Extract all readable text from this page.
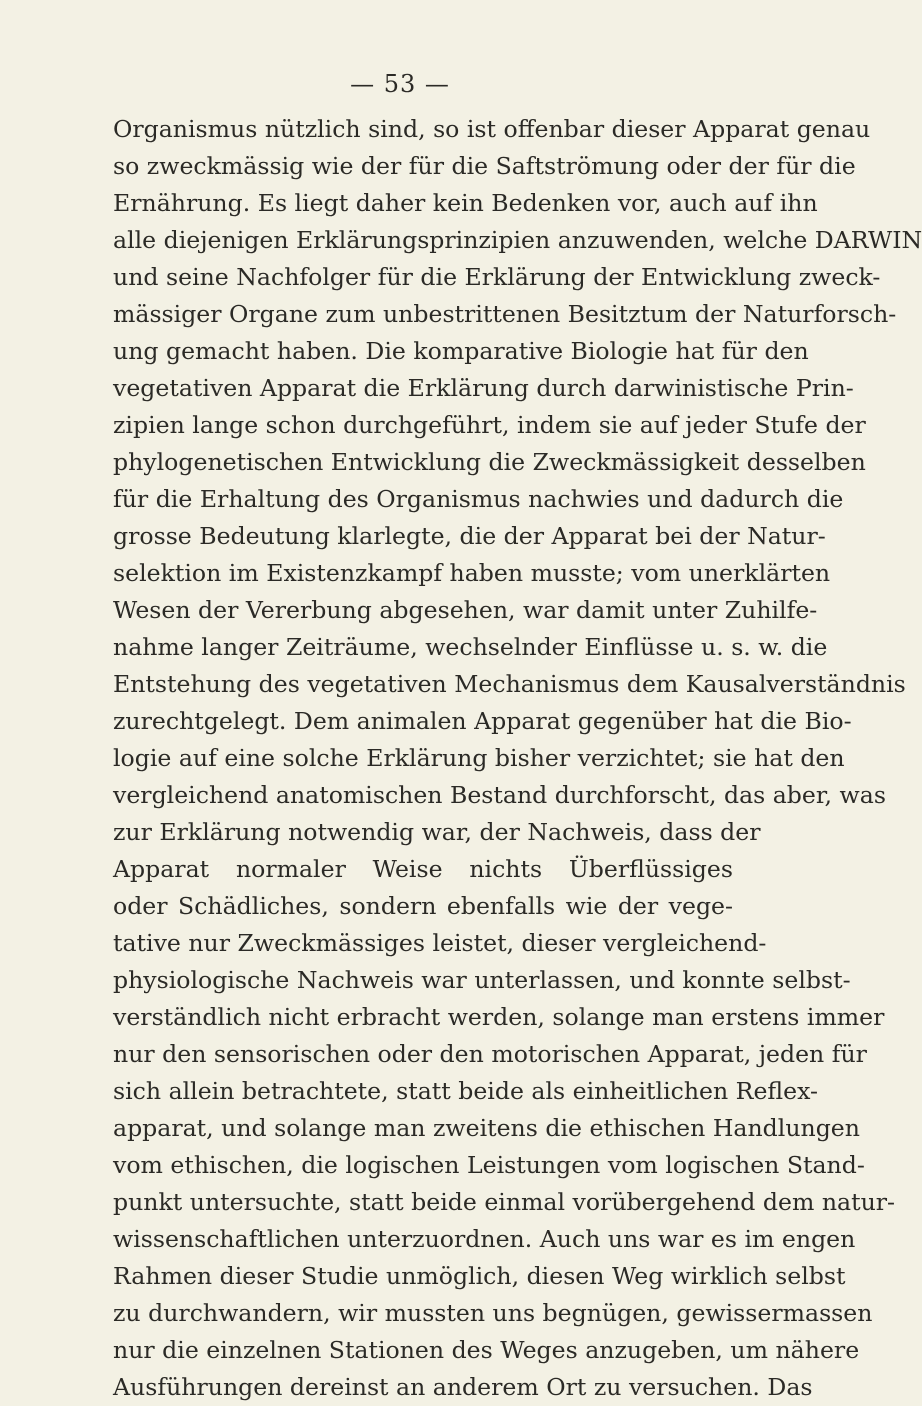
— 53 —
Organismus nützlich sind, so ist offenbar dieser Apparat genau
so zweckmässig wie der für die Saftströmung oder der für die
Ernährung. Es liegt daher kein Bedenken vor, auch auf ihn
alle diejenigen Erklärungsprinzipien anzuwenden, welche DARWIN
und seine Nachfolger für die Erklärung der Entwicklung zweck-
mässiger Organe zum unbestrittenen Besitztum der Naturforsch-
ung gemacht haben. Die komparative Biologie hat für den
vegetativen Apparat die Erklärung durch darwinistische Prin-
zipien lange schon durchgeführt, indem sie auf jeder Stufe der
phylogenetischen Entwicklung die Zweckmässigkeit desselben
für die Erhaltung des Organismus nachwies und dadurch die
grosse Bedeutung klarlegte, die der Apparat bei der Natur-
selektion im Existenzkampf haben musste; vom unerklärten
Wesen der Vererbung abgesehen, war damit unter Zuhilfe-
nahme langer Zeiträume, wechselnder Einflüsse u. s. w. die
Entstehung des vegetativen Mechanismus dem Kausalverständnis
zurechtgelegt. Dem animalen Apparat gegenüber hat die Bio-
logie auf eine solche Erklärung bisher verzichtet; sie hat den
vergleichend anatomischen Bestand durchforscht, das aber, was
zur Erklärung notwendig war, der Nachweis, dass der
Apparat normaler Weise nichts Überflüssiges
oder Schädliches, sondern ebenfalls wie der vege-
tative nur Zweckmässiges leistet, dieser vergleichend-
physiologische Nachweis war unterlassen, und konnte selbst-
verständlich nicht erbracht werden, solange man erstens immer
nur den sensorischen oder den motorischen Apparat, jeden für
sich allein betrachtete, statt beide als einheitlichen Reflex-
apparat, und solange man zweitens die ethischen Handlungen
vom ethischen, die logischen Leistungen vom logischen Stand-
punkt untersuchte, statt beide einmal vorübergehend dem natur-
wissenschaftlichen unterzuordnen. Auch uns war es im engen
Rahmen dieser Studie unmöglich, diesen Weg wirklich selbst
zu durchwandern, wir mussten uns begnügen, gewissermassen
nur die einzelnen Stationen des Weges anzugeben, um nähere
Ausführungen dereinst an anderem Ort zu versuchen. Das
